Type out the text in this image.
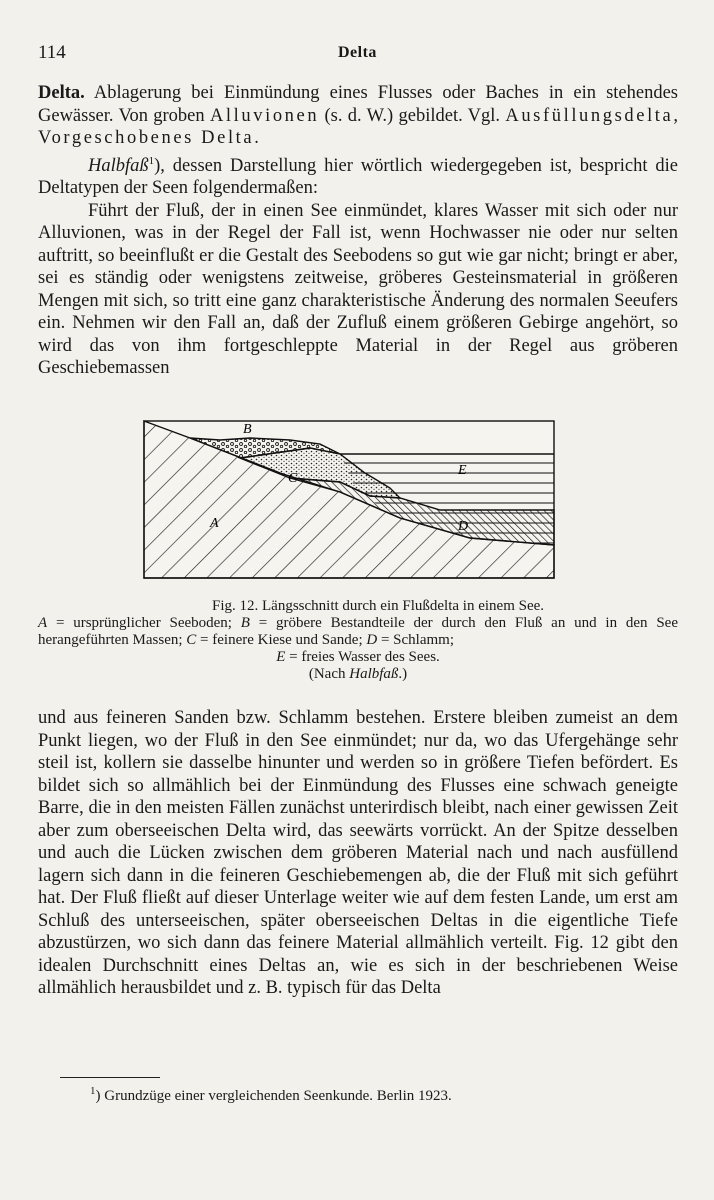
114	Delta

Delta. Ablagerung bei Einmündung eines Flusses oder Baches in ein stehendes Gewässer. Von groben Alluvionen (s. d. W.) gebildet. Vgl. Ausfüllungsdelta, Vorgeschobenes Delta.

Halbfaß$^1$), dessen Darstellung hier wörtlich wiedergegeben ist, bespricht die Deltatypen der Seen folgendermaßen:

Führt der Fluß, der in einen See einmündet, klares Wasser mit sich oder nur Alluvionen, was in der Regel der Fall ist, wenn Hochwasser nie oder nur selten auftritt, so beeinflußt er die Gestalt des Seebodens so gut wie gar nicht; bringt er aber, sei es ständig oder wenigstens zeitweise, gröberes Gesteinsmaterial in größeren Mengen mit sich, so tritt eine ganz charakteristische Änderung des normalen Seeufers ein. Nehmen wir den Fall an, daß der Zufluß einem größeren Gebirge angehört, so wird das von ihm fortgeschleppte Material in der Regel aus gröberen Geschiebemassen

B
C
E
A	D
Fig. 12. Längsschnitt durch ein Flußdelta in einem See.
A = ursprünglicher Seeboden; B = gröbere Bestandteile der durch den Fluß an und in den See herangeführten Massen; C = feinere Kiese und Sande; D = Schlamm;
E = freies Wasser des Sees.
(Nach Halbfaß.)

und aus feineren Sanden bzw. Schlamm bestehen. Erstere bleiben zumeist an dem Punkt liegen, wo der Fluß in den See einmündet; nur da, wo das Ufergehänge sehr steil ist, kollern sie dasselbe hinunter und werden so in größere Tiefen befördert. Es bildet sich so allmählich bei der Einmündung des Flusses eine schwach geneigte Barre, die in den meisten Fällen zunächst unterirdisch bleibt, nach einer gewissen Zeit aber zum oberseeischen Delta wird, das seewärts vorrückt. An der Spitze desselben und auch die Lücken zwischen dem gröberen Material nach und nach ausfüllend lagern sich dann in die feineren Geschiebemengen ab, die der Fluß mit sich geführt hat. Der Fluß fließt auf dieser Unterlage weiter wie auf dem festen Lande, um erst am Schluß des unterseeischen, später oberseeischen Deltas in die eigentliche Tiefe abzustürzen, wo sich dann das feinere Material allmählich verteilt. Fig. 12 gibt den idealen Durchschnitt eines Deltas an, wie es sich in der beschriebenen Weise allmählich herausbildet und z. B. typisch für das Delta

$^1$) Grundzüge einer vergleichenden Seenkunde. Berlin 1923.
